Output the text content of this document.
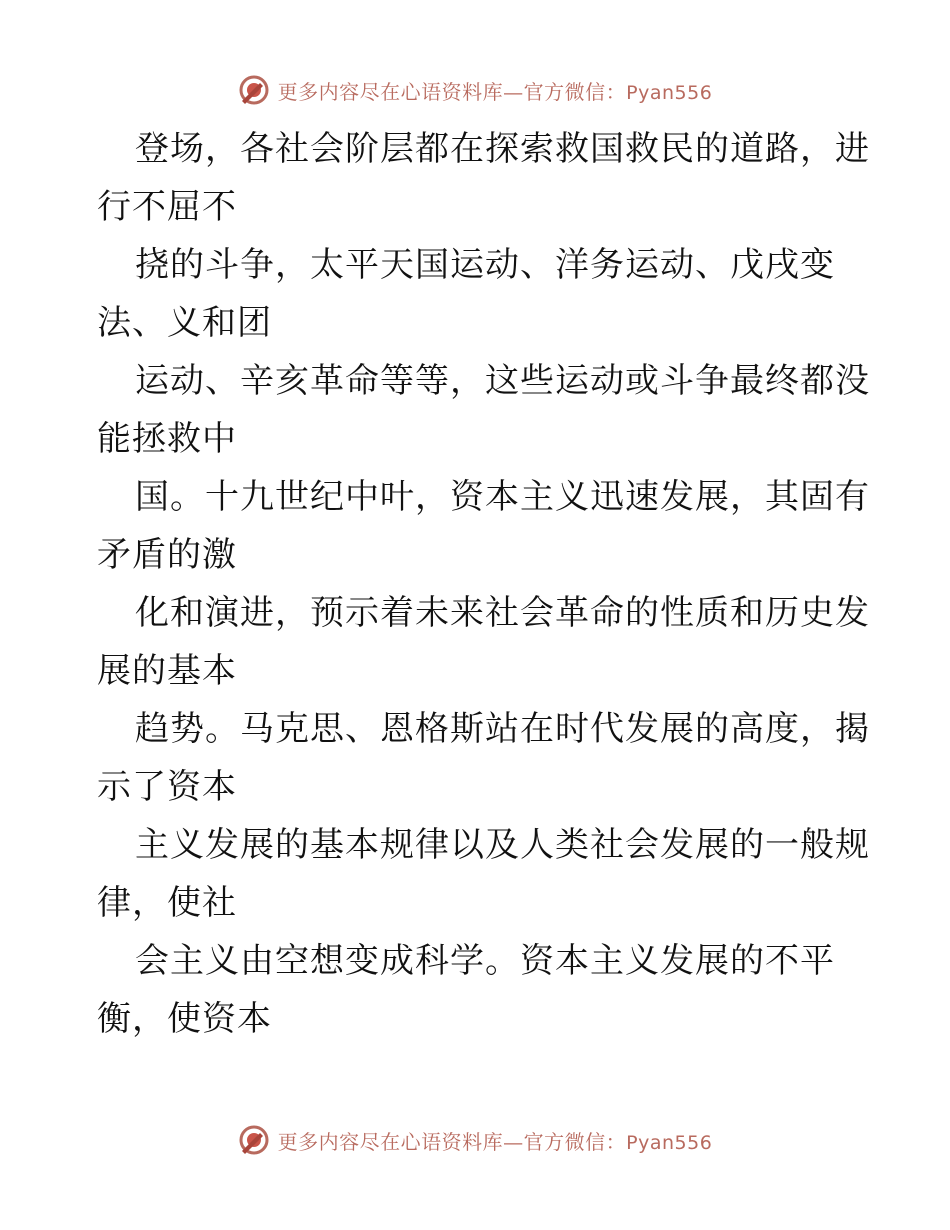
更多内容尽在心语资料库—官方微信：Pyan556
登场，各社会阶层都在探索救国救民的道路，进
行不屈不
挠的斗争，太平天国运动、洋务运动、戊戌变
法、义和团
运动、辛亥革命等等，这些运动或斗争最终都没
能拯救中
国。十九世纪中叶，资本主义迅速发展，其固有
矛盾的激
化和演进，预示着未来社会革命的性质和历史发
展的基本
趋势。马克思、恩格斯站在时代发展的高度，揭
示了资本
主义发展的基本规律以及人类社会发展的一般规
律，使社
会主义由空想变成科学。资本主义发展的不平
衡，使资本
更多内容尽在心语资料库—官方微信：Pyan556
